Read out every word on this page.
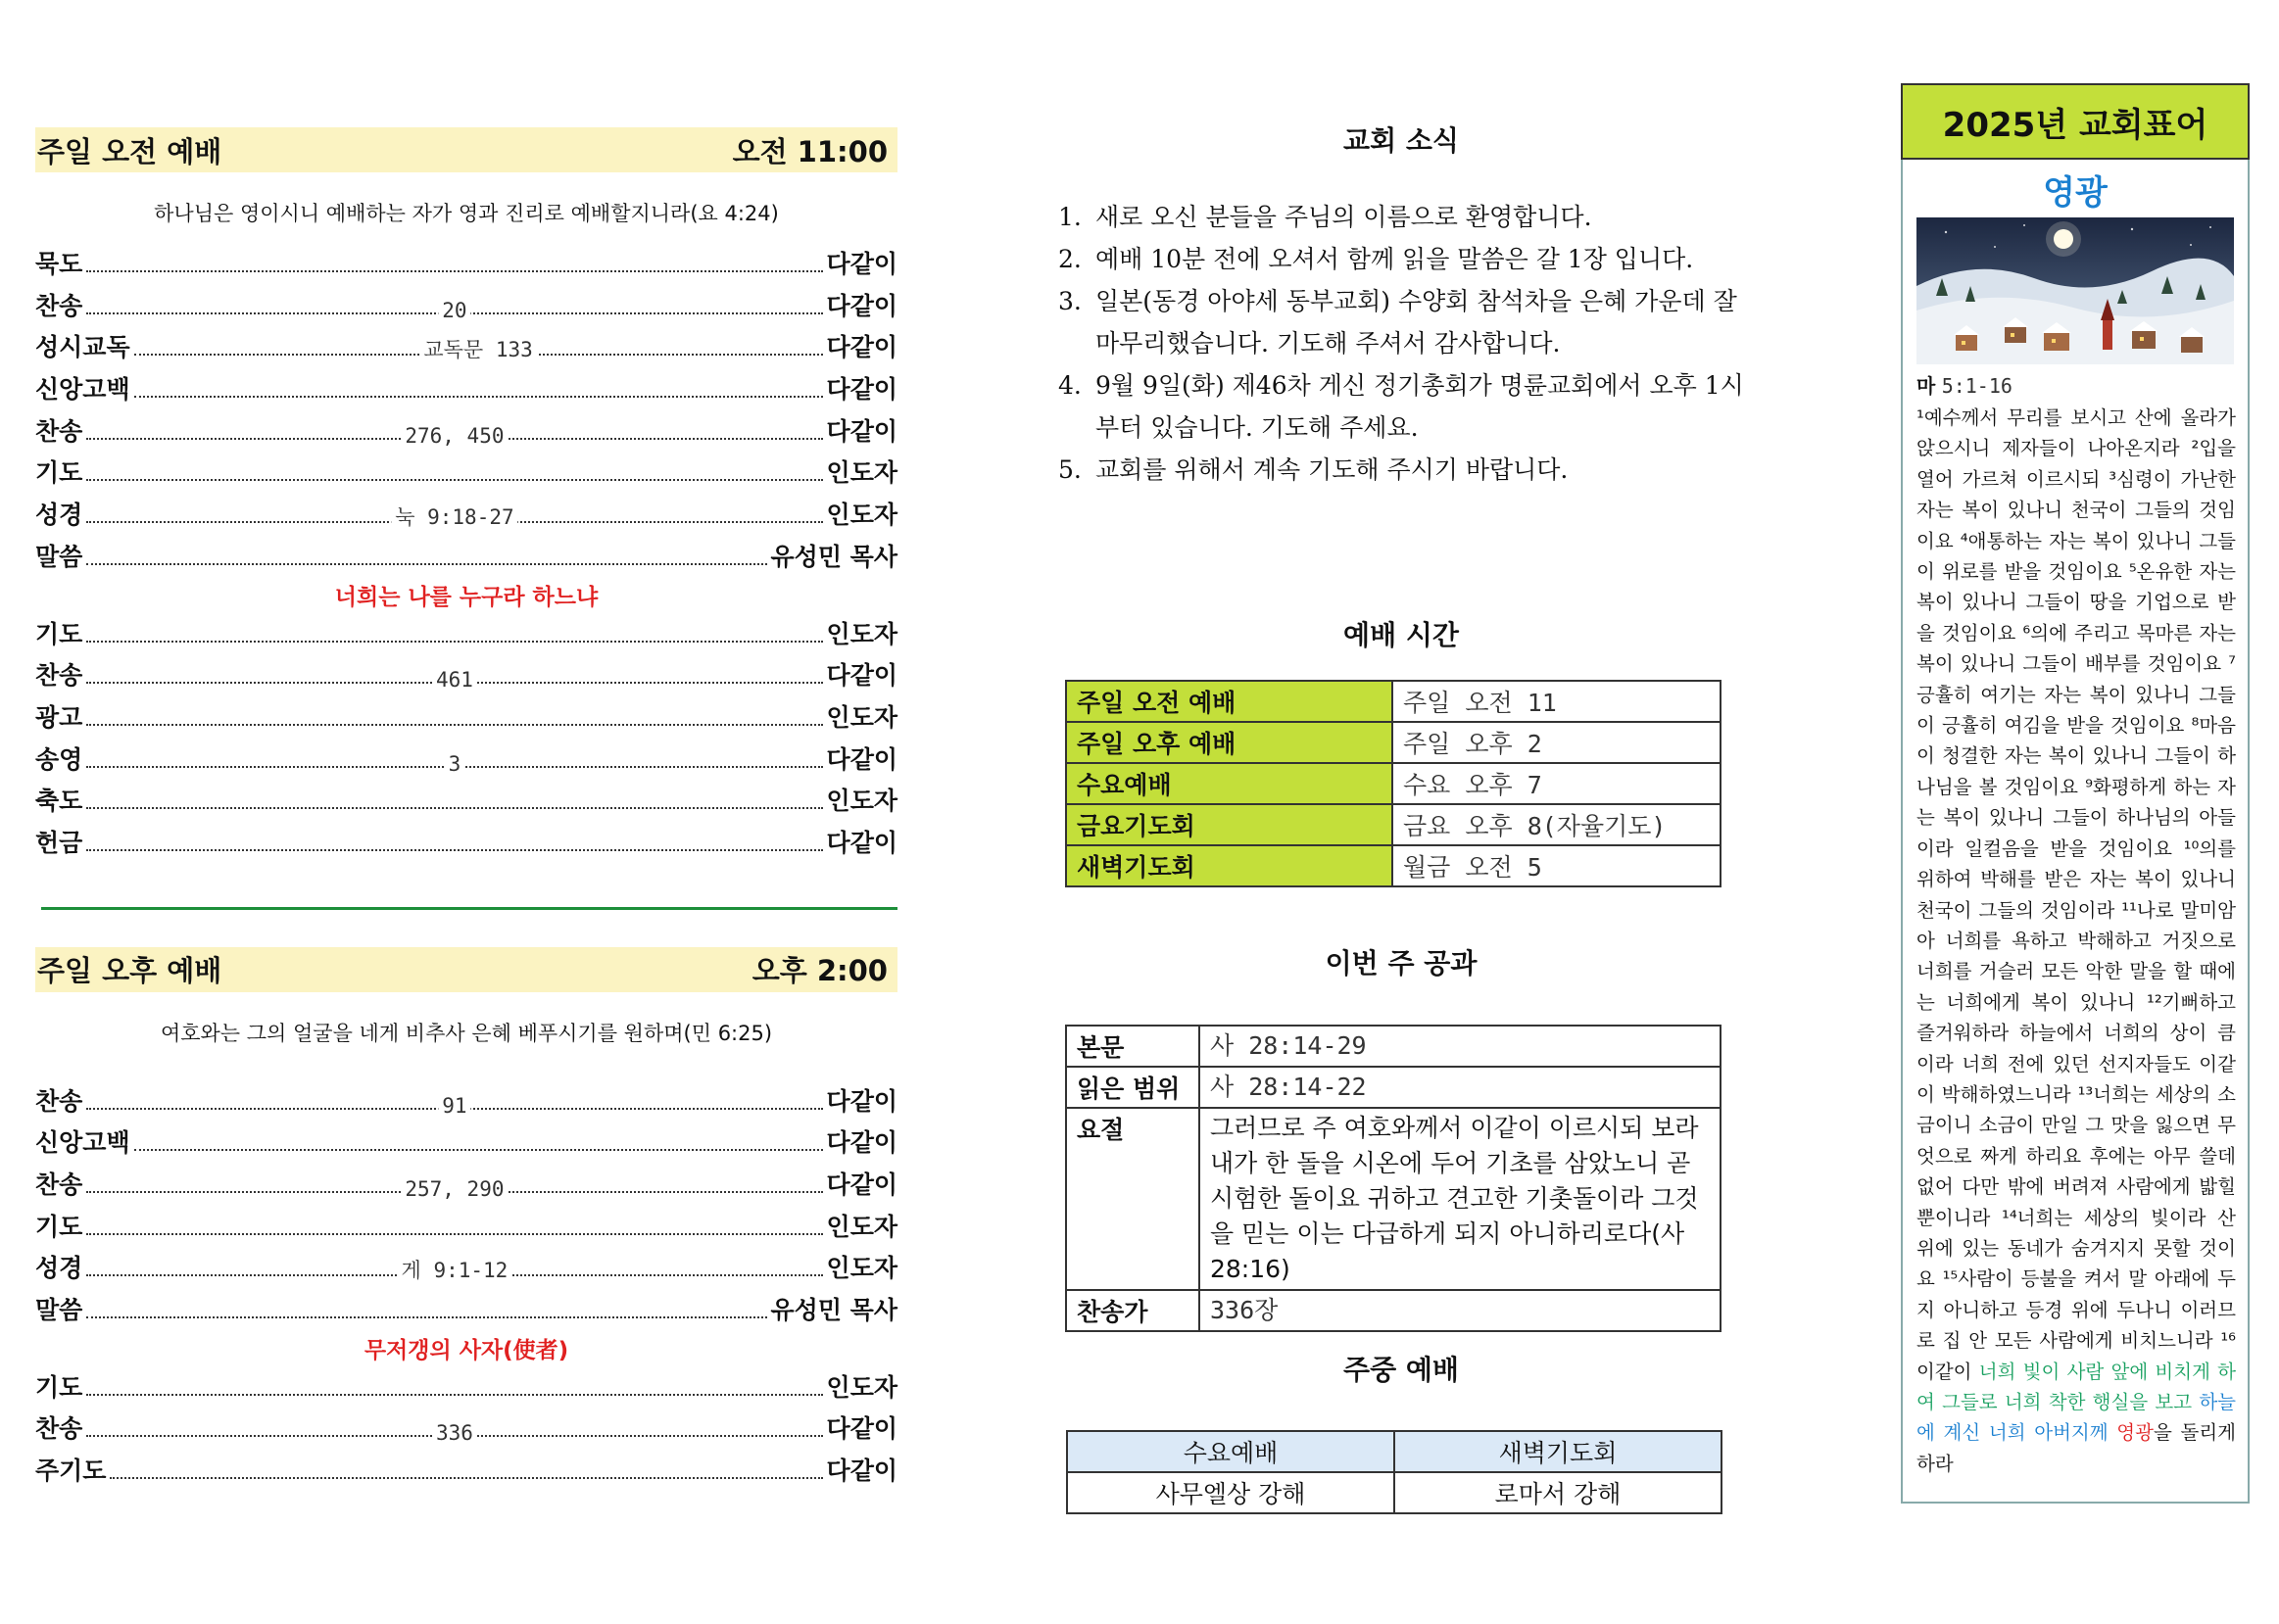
주일 오전 예배	오전 11:00
하나님은 영이시니 예배하는 자가 영과 진리로 예배할지니라(요 4:24)
묵도	다같이
찬송	20	다같이
성시교독	교독문 133	다같이
신앙고백	다같이
찬송	276, 450	다같이
기도	인도자
성경	눅 9:18-27	인도자
말씀	유성민 목사
너희는 나를 누구라 하느냐
기도	인도자
찬송	461	다같이
광고	인도자
송영	3	다같이
축도	인도자
헌금	다같이
주일 오후 예배	오후 2:00
여호와는 그의 얼굴을 네게 비추사 은혜 베푸시기를 원하며(민 6:25)
찬송	91	다같이
신앙고백	다같이
찬송	257, 290	다같이
기도	인도자
성경	게 9:1-12	인도자
말씀	유성민 목사
무저갱의 사자(使者)
기도	인도자
찬송	336	다같이
주기도	다같이
교회 소식
1. 새로 오신 분들을 주님의 이름으로 환영합니다.
2. 예배 10분 전에 오셔서 함께 읽을 말씀은 갈 1장 입니다.
3. 일본(동경 아야세 동부교회) 수양회 참석차을 은혜 가운데 잘 마무리했습니다. 기도해 주셔서 감사합니다.
4. 9월 9일(화) 제46차 게신 정기총회가 명륜교회에서 오후 1시부터 있습니다. 기도해 주세요.
5. 교회를 위해서 계속 기도해 주시기 바랍니다.
예배 시간
주일 오전 예배	주일 오전 11
주일 오후 예배	주일 오후 2
수요예배	수요 오후 7
금요기도회	금요 오후 8(자율기도)
새벽기도회	월금 오전 5
이번 주 공과
본문	사 28:14-29
읽은 범위	사 28:14-22
요절	그러므로 주 여호와께서 이같이 이르시되 보라 내가 한 돌을 시온에 두어 기초를 삼았노니 곧 시험한 돌이요 귀하고 견고한 기촛돌이라 그것을 믿는 이는 다급하게 되지 아니하리로다(사 28:16)
찬송가	336장
주중 예배
수요예배	새벽기도회
사무엘상 강해	로마서 강해
2025년 교회표어
영광
마 5:1-16
¹예수께서 무리를 보시고 산에 올라가 앉으시니 제자들이 나아온지라 ²입을 열어 가르쳐 이르시되 ³심령이 가난한 자는 복이 있나니 천국이 그들의 것임이요 ⁴애통하는 자는 복이 있나니 그들이 위로를 받을 것임이요 ⁵온유한 자는 복이 있나니 그들이 땅을 기업으로 받을 것임이요 ⁶의에 주리고 목마른 자는 복이 있나니 그들이 배부를 것임이요 ⁷긍휼히 여기는 자는 복이 있나니 그들이 긍휼히 여김을 받을 것임이요 ⁸마음이 청결한 자는 복이 있나니 그들이 하나님을 볼 것임이요 ⁹화평하게 하는 자는 복이 있나니 그들이 하나님의 아들이라 일컬음을 받을 것임이요 ¹⁰의를 위하여 박해를 받은 자는 복이 있나니 천국이 그들의 것임이라 ¹¹나로 말미암아 너희를 욕하고 박해하고 거짓으로 너희를 거슬러 모든 악한 말을 할 때에는 너희에게 복이 있나니 ¹²기뻐하고 즐거워하라 하늘에서 너희의 상이 큼이라 너희 전에 있던 선지자들도 이같이 박해하였느니라 ¹³너희는 세상의 소금이니 소금이 만일 그 맛을 잃으면 무엇으로 짜게 하리요 후에는 아무 쓸데 없어 다만 밖에 버려져 사람에게 밟힐 뿐이니라 ¹⁴너희는 세상의 빛이라 산 위에 있는 동네가 숨겨지지 못할 것이요 ¹⁵사람이 등불을 켜서 말 아래에 두지 아니하고 등경 위에 두나니 이러므로 집 안 모든 사람에게 비치느니라 ¹⁶이같이 너희 빛이 사람 앞에 비치게 하여 그들로 너희 착한 행실을 보고 하늘에 계신 너희 아버지께 영광을 돌리게 하라
